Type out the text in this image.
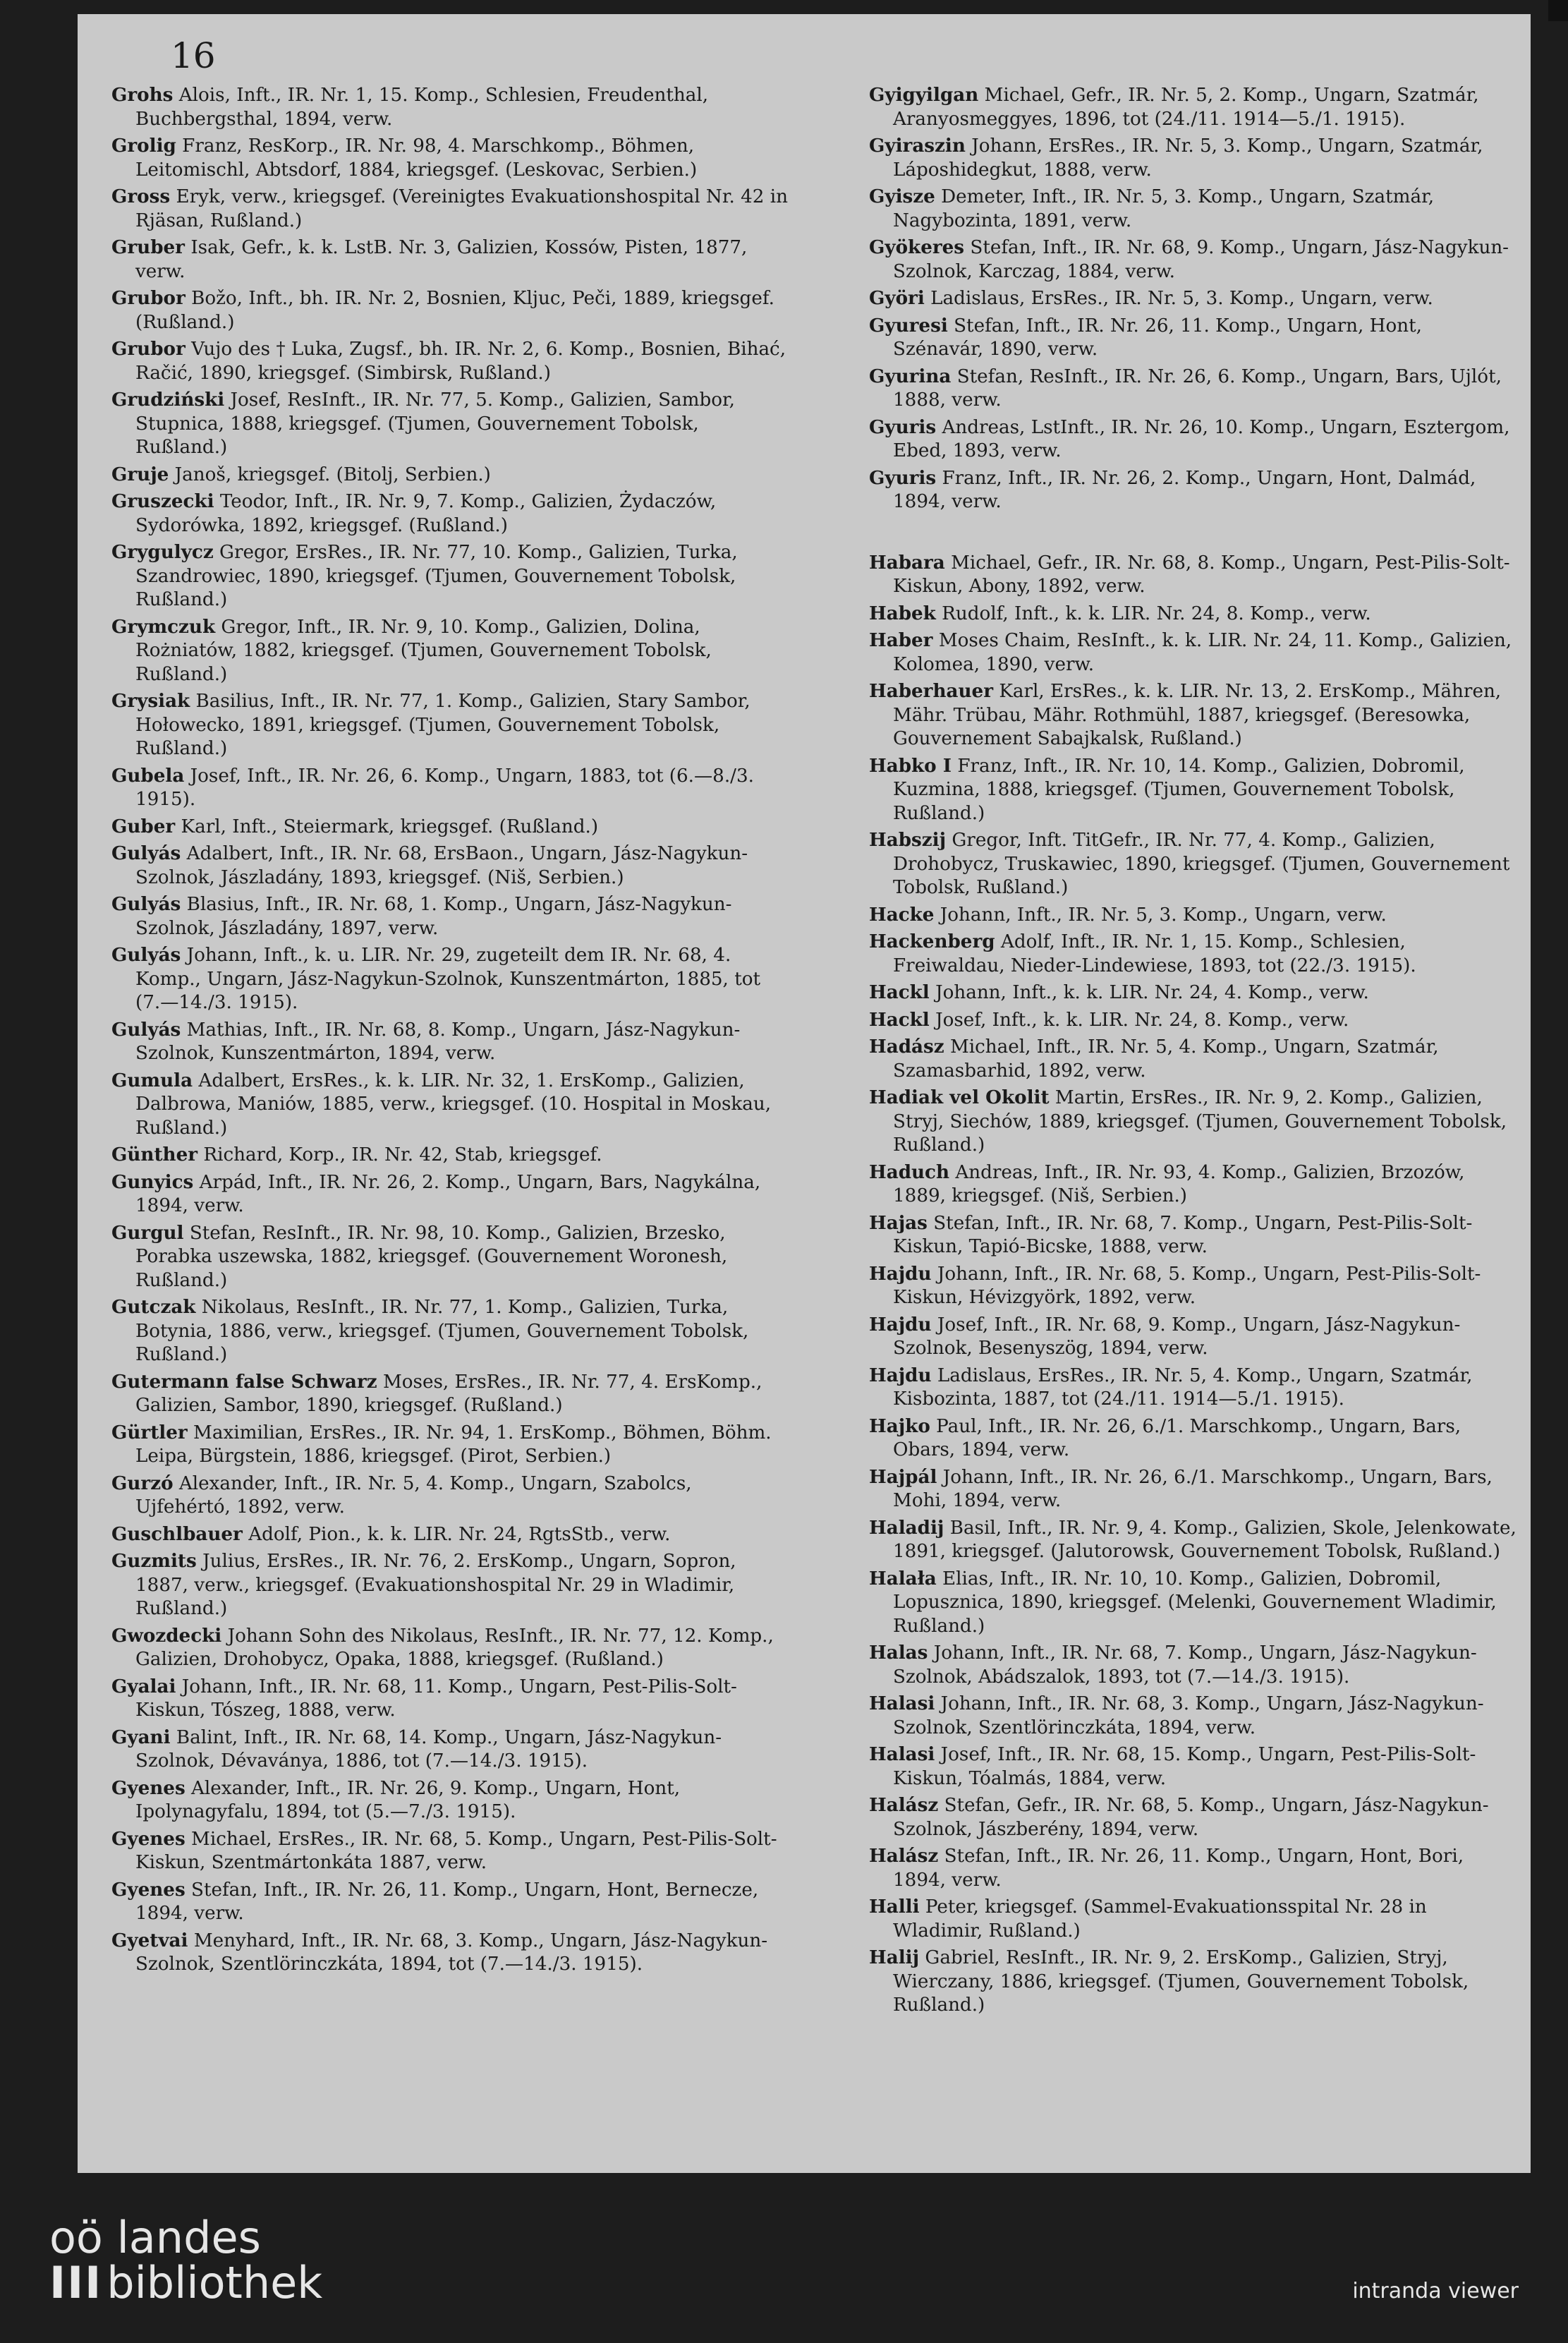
16
Grohs Alois, Inft., IR. Nr. 1, 15. Komp., Schlesien, Freudenthal, Buchbergsthal, 1894, verw.
Grolig Franz, ResKorp., IR. Nr. 98, 4. Marschkomp., Böhmen, Leitomischl, Abtsdorf, 1884, kriegsgef. (Leskovac, Serbien.)
Gross Eryk, verw., kriegsgef. (Vereinigtes Evakuationshospital Nr. 42 in Rjäsan, Rußland.)
Gruber Isak, Gefr., k. k. LstB. Nr. 3, Galizien, Kossów, Pisten, 1877, verw.
Grubor Božo, Inft., bh. IR. Nr. 2, Bosnien, Kljuc, Peči, 1889, kriegsgef. (Rußland.)
Grubor Vujo des † Luka, Zugsf., bh. IR. Nr. 2, 6. Komp., Bosnien, Bihać, Račić, 1890, kriegsgef. (Simbirsk, Rußland.)
Grudziński Josef, ResInft., IR. Nr. 77, 5. Komp., Galizien, Sambor, Stupnica, 1888, kriegsgef. (Tjumen, Gouvernement Tobolsk, Rußland.)
Gruje Janoš, kriegsgef. (Bitolj, Serbien.)
Gruszecki Teodor, Inft., IR. Nr. 9, 7. Komp., Galizien, Żydaczów, Sydorówka, 1892, kriegsgef. (Rußland.)
Grygulycz Gregor, ErsRes., IR. Nr. 77, 10. Komp., Galizien, Turka, Szandrowiec, 1890, kriegsgef. (Tjumen, Gouvernement Tobolsk, Rußland.)
Grymczuk Gregor, Inft., IR. Nr. 9, 10. Komp., Galizien, Dolina, Rożniatów, 1882, kriegsgef. (Tjumen, Gouvernement Tobolsk, Rußland.)
Grysiak Basilius, Inft., IR. Nr. 77, 1. Komp., Galizien, Stary Sambor, Hołowecko, 1891, kriegsgef. (Tjumen, Gouvernement Tobolsk, Rußland.)
Gubela Josef, Inft., IR. Nr. 26, 6. Komp., Ungarn, 1883, tot (6.—8./3. 1915).
Guber Karl, Inft., Steiermark, kriegsgef. (Rußland.)
Gulyás Adalbert, Inft., IR. Nr. 68, ErsBaon., Ungarn, Jász-Nagykun-Szolnok, Jászladány, 1893, kriegsgef. (Niš, Serbien.)
Gulyás Blasius, Inft., IR. Nr. 68, 1. Komp., Ungarn, Jász-Nagykun-Szolnok, Jászladány, 1897, verw.
Gulyás Johann, Inft., k. u. LIR. Nr. 29, zugeteilt dem IR. Nr. 68, 4. Komp., Ungarn, Jász-Nagykun-Szolnok, Kunszentmárton, 1885, tot (7.—14./3. 1915).
Gulyás Mathias, Inft., IR. Nr. 68, 8. Komp., Ungarn, Jász-Nagykun-Szolnok, Kunszentmárton, 1894, verw.
Gumula Adalbert, ErsRes., k. k. LIR. Nr. 32, 1. ErsKomp., Galizien, Dalbrowa, Maniów, 1885, verw., kriegsgef. (10. Hospital in Moskau, Rußland.)
Günther Richard, Korp., IR. Nr. 42, Stab, kriegsgef.
Gunyics Arpád, Inft., IR. Nr. 26, 2. Komp., Ungarn, Bars, Nagykálna, 1894, verw.
Gurgul Stefan, ResInft., IR. Nr. 98, 10. Komp., Galizien, Brzesko, Porabka uszewska, 1882, kriegsgef. (Gouvernement Woronesh, Rußland.)
Gutczak Nikolaus, ResInft., IR. Nr. 77, 1. Komp., Galizien, Turka, Botynia, 1886, verw., kriegsgef. (Tjumen, Gouvernement Tobolsk, Rußland.)
Gutermann false Schwarz Moses, ErsRes., IR. Nr. 77, 4. ErsKomp., Galizien, Sambor, 1890, kriegsgef. (Rußland.)
Gürtler Maximilian, ErsRes., IR. Nr. 94, 1. ErsKomp., Böhmen, Böhm. Leipa, Bürgstein, 1886, kriegsgef. (Pirot, Serbien.)
Gurzó Alexander, Inft., IR. Nr. 5, 4. Komp., Ungarn, Szabolcs, Ujfehértó, 1892, verw.
Guschlbauer Adolf, Pion., k. k. LIR. Nr. 24, RgtsStb., verw.
Guzmits Julius, ErsRes., IR. Nr. 76, 2. ErsKomp., Ungarn, Sopron, 1887, verw., kriegsgef. (Evakuationshospital Nr. 29 in Wladimir, Rußland.)
Gwozdecki Johann Sohn des Nikolaus, ResInft., IR. Nr. 77, 12. Komp., Galizien, Drohobycz, Opaka, 1888, kriegsgef. (Rußland.)
Gyalai Johann, Inft., IR. Nr. 68, 11. Komp., Ungarn, Pest-Pilis-Solt-Kiskun, Tószeg, 1888, verw.
Gyani Balint, Inft., IR. Nr. 68, 14. Komp., Ungarn, Jász-Nagykun-Szolnok, Dévaványa, 1886, tot (7.—14./3. 1915).
Gyenes Alexander, Inft., IR. Nr. 26, 9. Komp., Ungarn, Hont, Ipolynagyfalu, 1894, tot (5.—7./3. 1915).
Gyenes Michael, ErsRes., IR. Nr. 68, 5. Komp., Ungarn, Pest-Pilis-Solt-Kiskun, Szentmártonkáta 1887, verw.
Gyenes Stefan, Inft., IR. Nr. 26, 11. Komp., Ungarn, Hont, Bernecze, 1894, verw.
Gyetvai Menyhard, Inft., IR. Nr. 68, 3. Komp., Ungarn, Jász-Nagykun-Szolnok, Szentlörinczkáta, 1894, tot (7.—14./3. 1915).
Gyigyilgan Michael, Gefr., IR. Nr. 5, 2. Komp., Ungarn, Szatmár, Aranyosmeggyes, 1896, tot (24./11. 1914—5./1. 1915).
Gyiraszin Johann, ErsRes., IR. Nr. 5, 3. Komp., Ungarn, Szatmár, Láposhidegkut, 1888, verw.
Gyisze Demeter, Inft., IR. Nr. 5, 3. Komp., Ungarn, Szatmár, Nagybozinta, 1891, verw.
Gyökeres Stefan, Inft., IR. Nr. 68, 9. Komp., Ungarn, Jász-Nagykun-Szolnok, Karczag, 1884, verw.
Györi Ladislaus, ErsRes., IR. Nr. 5, 3. Komp., Ungarn, verw.
Gyuresi Stefan, Inft., IR. Nr. 26, 11. Komp., Ungarn, Hont, Szénavár, 1890, verw.
Gyurina Stefan, ResInft., IR. Nr. 26, 6. Komp., Ungarn, Bars, Ujlót, 1888, verw.
Gyuris Andreas, LstInft., IR. Nr. 26, 10. Komp., Ungarn, Esztergom, Ebed, 1893, verw.
Gyuris Franz, Inft., IR. Nr. 26, 2. Komp., Ungarn, Hont, Dalmád, 1894, verw.
Habara Michael, Gefr., IR. Nr. 68, 8. Komp., Ungarn, Pest-Pilis-Solt-Kiskun, Abony, 1892, verw.
Habek Rudolf, Inft., k. k. LIR. Nr. 24, 8. Komp., verw.
Haber Moses Chaim, ResInft., k. k. LIR. Nr. 24, 11. Komp., Galizien, Kolomea, 1890, verw.
Haberhauer Karl, ErsRes., k. k. LIR. Nr. 13, 2. ErsKomp., Mähren, Mähr. Trübau, Mähr. Rothmühl, 1887, kriegsgef. (Beresowka, Gouvernement Sabajkalsk, Rußland.)
Habko I Franz, Inft., IR. Nr. 10, 14. Komp., Galizien, Dobromil, Kuzmina, 1888, kriegsgef. (Tjumen, Gouvernement Tobolsk, Rußland.)
Habszij Gregor, Inft. TitGefr., IR. Nr. 77, 4. Komp., Galizien, Drohobycz, Truskawiec, 1890, kriegsgef. (Tjumen, Gouvernement Tobolsk, Rußland.)
Hacke Johann, Inft., IR. Nr. 5, 3. Komp., Ungarn, verw.
Hackenberg Adolf, Inft., IR. Nr. 1, 15. Komp., Schlesien, Freiwaldau, Nieder-Lindewiese, 1893, tot (22./3. 1915).
Hackl Johann, Inft., k. k. LIR. Nr. 24, 4. Komp., verw.
Hackl Josef, Inft., k. k. LIR. Nr. 24, 8. Komp., verw.
Hadász Michael, Inft., IR. Nr. 5, 4. Komp., Ungarn, Szatmár, Szamasbarhid, 1892, verw.
Hadiak vel Okolit Martin, ErsRes., IR. Nr. 9, 2. Komp., Galizien, Stryj, Siechów, 1889, kriegsgef. (Tjumen, Gouvernement Tobolsk, Rußland.)
Haduch Andreas, Inft., IR. Nr. 93, 4. Komp., Galizien, Brzozów, 1889, kriegsgef. (Niš, Serbien.)
Hajas Stefan, Inft., IR. Nr. 68, 7. Komp., Ungarn, Pest-Pilis-Solt-Kiskun, Tapió-Bicske, 1888, verw.
Hajdu Johann, Inft., IR. Nr. 68, 5. Komp., Ungarn, Pest-Pilis-Solt-Kiskun, Hévizgyörk, 1892, verw.
Hajdu Josef, Inft., IR. Nr. 68, 9. Komp., Ungarn, Jász-Nagykun-Szolnok, Besenyszög, 1894, verw.
Hajdu Ladislaus, ErsRes., IR. Nr. 5, 4. Komp., Ungarn, Szatmár, Kisbozinta, 1887, tot (24./11. 1914—5./1. 1915).
Hajko Paul, Inft., IR. Nr. 26, 6./1. Marschkomp., Ungarn, Bars, Obars, 1894, verw.
Hajpál Johann, Inft., IR. Nr. 26, 6./1. Marschkomp., Ungarn, Bars, Mohi, 1894, verw.
Haladij Basil, Inft., IR. Nr. 9, 4. Komp., Galizien, Skole, Jelenkowate, 1891, kriegsgef. (Jalutorowsk, Gouvernement Tobolsk, Rußland.)
Halała Elias, Inft., IR. Nr. 10, 10. Komp., Galizien, Dobromil, Lopusznica, 1890, kriegsgef. (Melenki, Gouvernement Wladimir, Rußland.)
Halas Johann, Inft., IR. Nr. 68, 7. Komp., Ungarn, Jász-Nagykun-Szolnok, Abádszalok, 1893, tot (7.—14./3. 1915).
Halasi Johann, Inft., IR. Nr. 68, 3. Komp., Ungarn, Jász-Nagykun-Szolnok, Szentlörinczkáta, 1894, verw.
Halasi Josef, Inft., IR. Nr. 68, 15. Komp., Ungarn, Pest-Pilis-Solt-Kiskun, Tóalmás, 1884, verw.
Halász Stefan, Gefr., IR. Nr. 68, 5. Komp., Ungarn, Jász-Nagykun-Szolnok, Jászberény, 1894, verw.
Halász Stefan, Inft., IR. Nr. 26, 11. Komp., Ungarn, Hont, Bori, 1894, verw.
Halli Peter, kriegsgef. (Sammel-Evakuationsspital Nr. 28 in Wladimir, Rußland.)
Halij Gabriel, ResInft., IR. Nr. 9, 2. ErsKomp., Galizien, Stryj, Wierczany, 1886, kriegsgef. (Tjumen, Gouvernement Tobolsk, Rußland.)
oö landes
IIIbibliothek	intranda viewer
